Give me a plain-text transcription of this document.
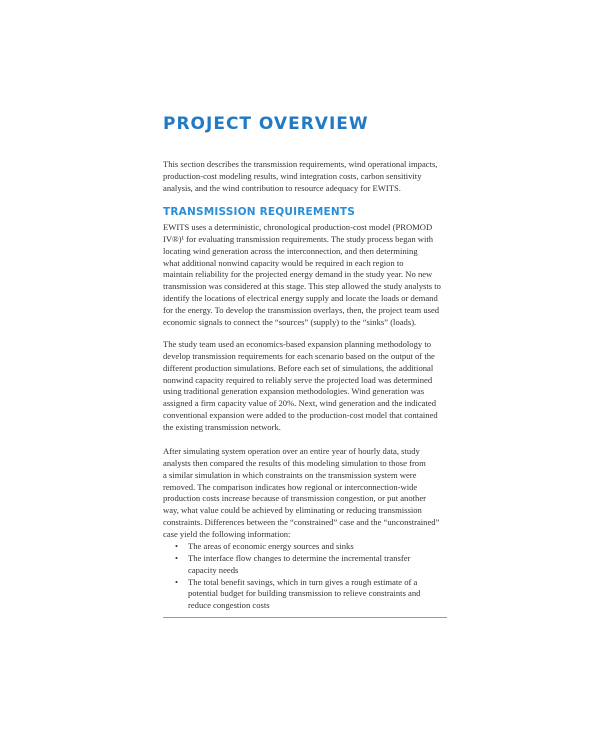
PROJECT OVERVIEW
This section describes the transmission requirements, wind operational impacts,
production-cost modeling results, wind integration costs, carbon sensitivity
analysis, and the wind contribution to resource adequacy for EWITS.
TRANSMISSION REQUIREMENTS
EWITS uses a deterministic, chronological production-cost model (PROMOD
IV®)¹ for evaluating transmission requirements. The study process began with
locating wind generation across the interconnection, and then determining
what additional nonwind capacity would be required in each region to
maintain reliability for the projected energy demand in the study year. No new
transmission was considered at this stage. This step allowed the study analysts to
identify the locations of electrical energy supply and locate the loads or demand
for the energy. To develop the transmission overlays, then, the project team used
economic signals to connect the “sources” (supply) to the “sinks” (loads).
The study team used an economics-based expansion planning methodology to
develop transmission requirements for each scenario based on the output of the
different production simulations. Before each set of simulations, the additional
nonwind capacity required to reliably serve the projected load was determined
using traditional generation expansion methodologies. Wind generation was
assigned a firm capacity value of 20%. Next, wind generation and the indicated
conventional expansion were added to the production-cost model that contained
the existing transmission network.
After simulating system operation over an entire year of hourly data, study
analysts then compared the results of this modeling simulation to those from
a similar simulation in which constraints on the transmission system were
removed. The comparison indicates how regional or interconnection-wide
production costs increase because of transmission congestion, or put another
way, what value could be achieved by eliminating or reducing transmission
constraints. Differences between the “constrained” case and the “unconstrained”
case yield the following information:
• The areas of economic energy sources and sinks
• The interface flow changes to determine the incremental transfer
capacity needs
• The total benefit savings, which in turn gives a rough estimate of a
potential budget for building transmission to relieve constraints and
reduce congestion costs
